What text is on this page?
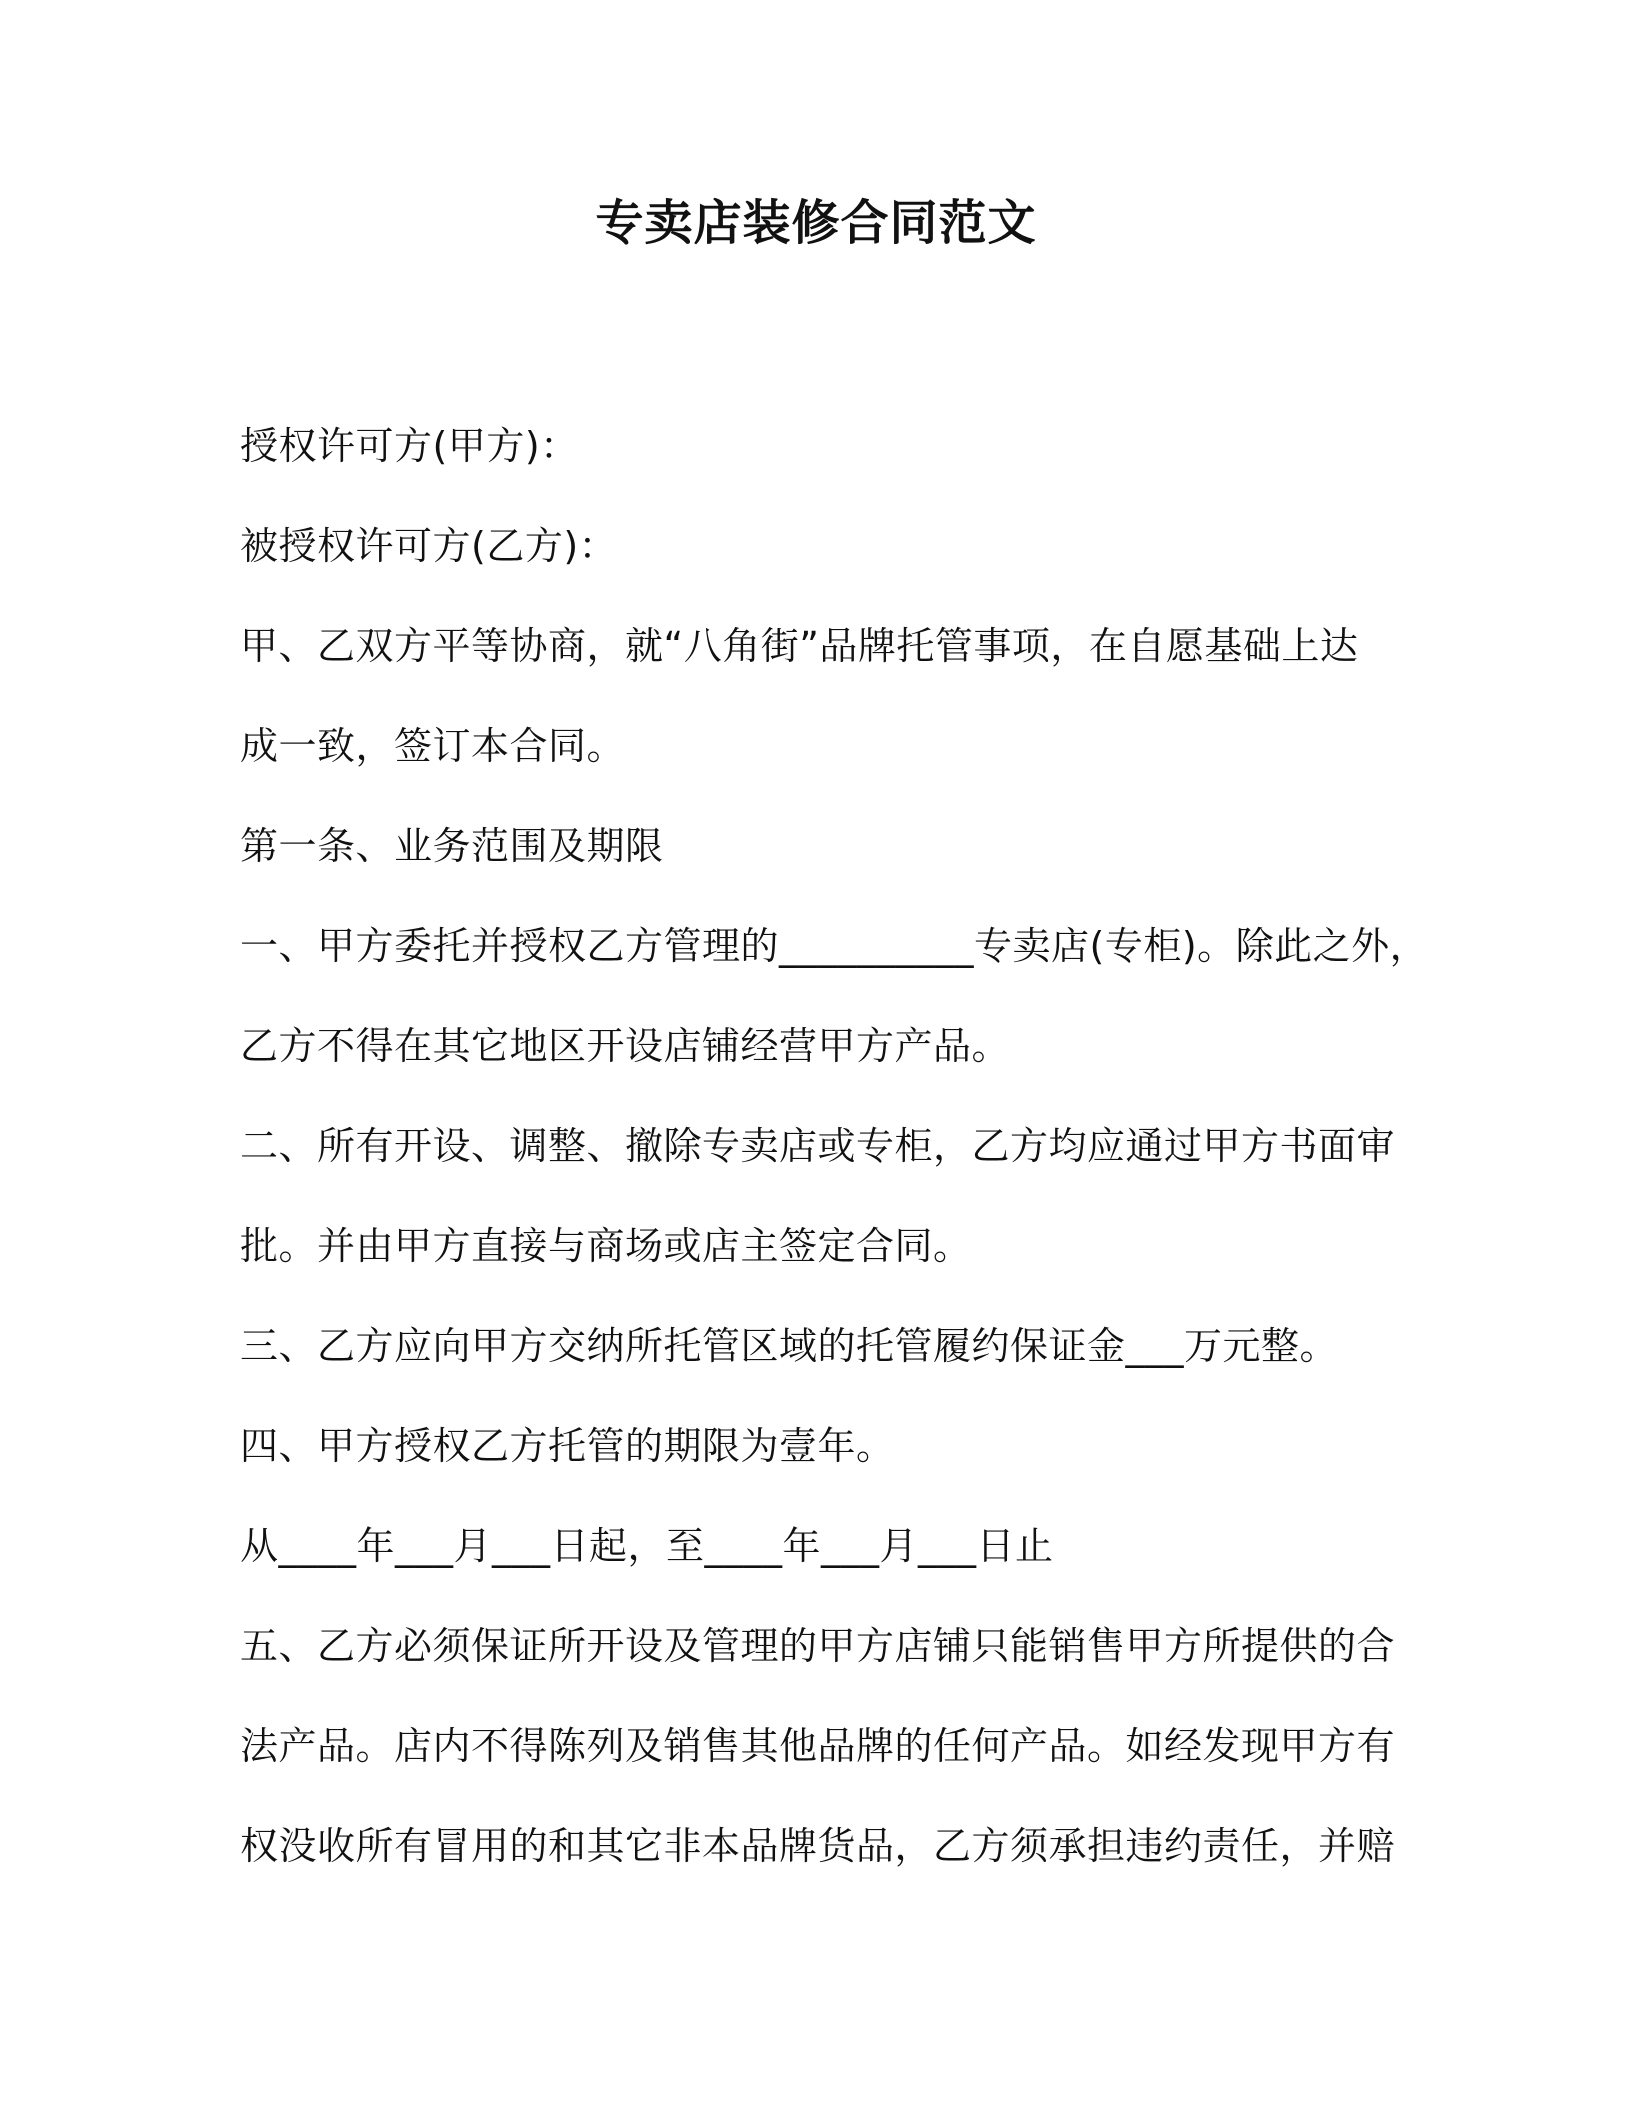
专卖店装修合同范文
授权许可方(甲方)：
被授权许可方(乙方)：
甲、乙双方平等协商，就“八角街”品牌托管事项，在自愿基础上达
成一致，签订本合同。
第一条、业务范围及期限
一、甲方委托并授权乙方管理的__________专卖店(专柜)。除此之外，
乙方不得在其它地区开设店铺经营甲方产品。
二、所有开设、调整、撤除专卖店或专柜，乙方均应通过甲方书面审
批。并由甲方直接与商场或店主签定合同。
三、乙方应向甲方交纳所托管区域的托管履约保证金___万元整。
四、甲方授权乙方托管的期限为壹年。
从____年___月___日起，至____年___月___日止
五、乙方必须保证所开设及管理的甲方店铺只能销售甲方所提供的合
法产品。店内不得陈列及销售其他品牌的任何产品。如经发现甲方有
权没收所有冒用的和其它非本品牌货品，乙方须承担违约责任，并赔
